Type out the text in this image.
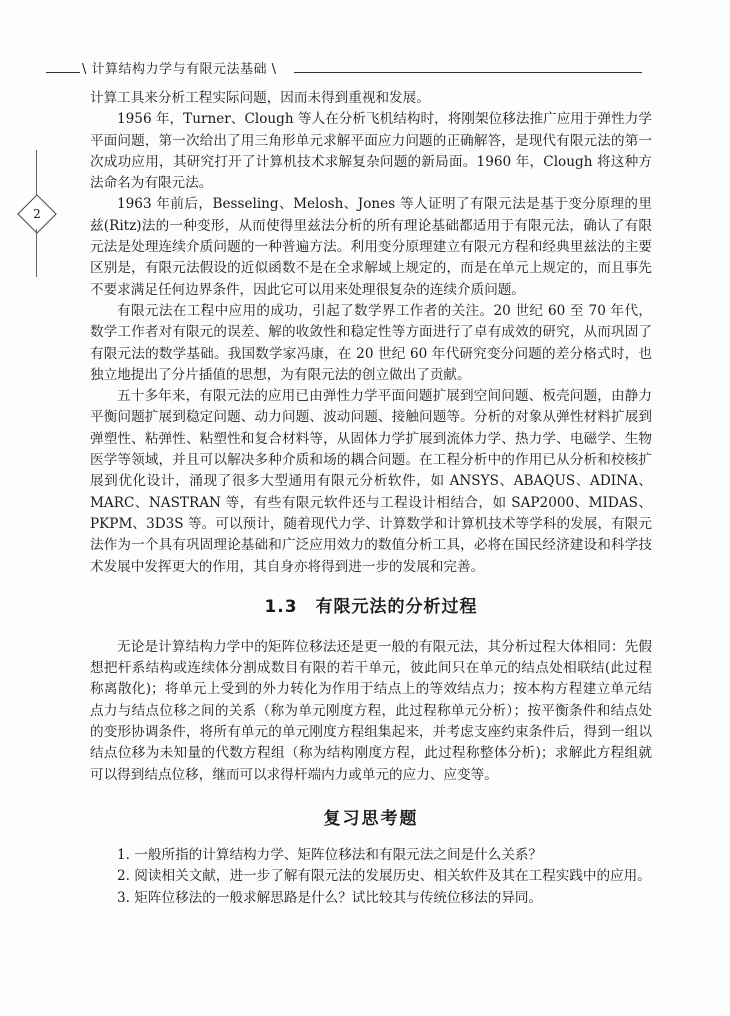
\ 计算结构力学与有限元法基础 \
2

计算工具来分析工程实际问题，因而未得到重视和发展。

1956 年，Turner、Clough 等人在分析飞机结构时，将刚架位移法推广应用于弹性力学平面问题，第一次给出了用三角形单元求解平面应力问题的正确解答，是现代有限元法的第一次成功应用，其研究打开了计算机技术求解复杂问题的新局面。1960 年，Clough 将这种方法命名为有限元法。

1963 年前后，Besseling、Melosh、Jones 等人证明了有限元法是基于变分原理的里兹(Ritz)法的一种变形，从而使得里兹法分析的所有理论基础都适用于有限元法，确认了有限元法是处理连续介质问题的一种普遍方法。利用变分原理建立有限元方程和经典里兹法的主要区别是，有限元法假设的近似函数不是在全求解域上规定的，而是在单元上规定的，而且事先不要求满足任何边界条件，因此它可以用来处理很复杂的连续介质问题。

有限元法在工程中应用的成功，引起了数学界工作者的关注。20 世纪 60 至 70 年代，数学工作者对有限元的误差、解的收敛性和稳定性等方面进行了卓有成效的研究，从而巩固了有限元法的数学基础。我国数学家冯康，在 20 世纪 60 年代研究变分问题的差分格式时，也独立地提出了分片插值的思想，为有限元法的创立做出了贡献。

五十多年来，有限元法的应用已由弹性力学平面问题扩展到空间问题、板壳问题，由静力平衡问题扩展到稳定问题、动力问题、波动问题、接触问题等。分析的对象从弹性材料扩展到弹塑性、粘弹性、粘塑性和复合材料等，从固体力学扩展到流体力学、热力学、电磁学、生物医学等领域，并且可以解决多种介质和场的耦合问题。在工程分析中的作用已从分析和校核扩展到优化设计，涌现了很多大型通用有限元分析软件，如 ANSYS、ABAQUS、ADINA、MARC、NASTRAN 等，有些有限元软件还与工程设计相结合，如 SAP2000、MIDAS、PKPM、3D3S 等。可以预计，随着现代力学、计算数学和计算机技术等学科的发展，有限元法作为一个具有巩固理论基础和广泛应用效力的数值分析工具，必将在国民经济建设和科学技术发展中发挥更大的作用，其自身亦将得到进一步的发展和完善。

1.3 有限元法的分析过程

无论是计算结构力学中的矩阵位移法还是更一般的有限元法，其分析过程大体相同：先假想把杆系结构或连续体分割成数目有限的若干单元，彼此间只在单元的结点处相联结(此过程称离散化)；将单元上受到的外力转化为作用于结点上的等效结点力；按本构方程建立单元结点力与结点位移之间的关系（称为单元刚度方程，此过程称单元分析）；按平衡条件和结点处的变形协调条件，将所有单元的单元刚度方程组集起来，并考虑支座约束条件后，得到一组以结点位移为未知量的代数方程组（称为结构刚度方程，此过程称整体分析)；求解此方程组就可以得到结点位移，继而可以求得杆端内力或单元的应力、应变等。

复习思考题

1. 一般所指的计算结构力学、矩阵位移法和有限元法之间是什么关系？

2. 阅读相关文献，进一步了解有限元法的发展历史、相关软件及其在工程实践中的应用。

3. 矩阵位移法的一般求解思路是什么？试比较其与传统位移法的异同。
